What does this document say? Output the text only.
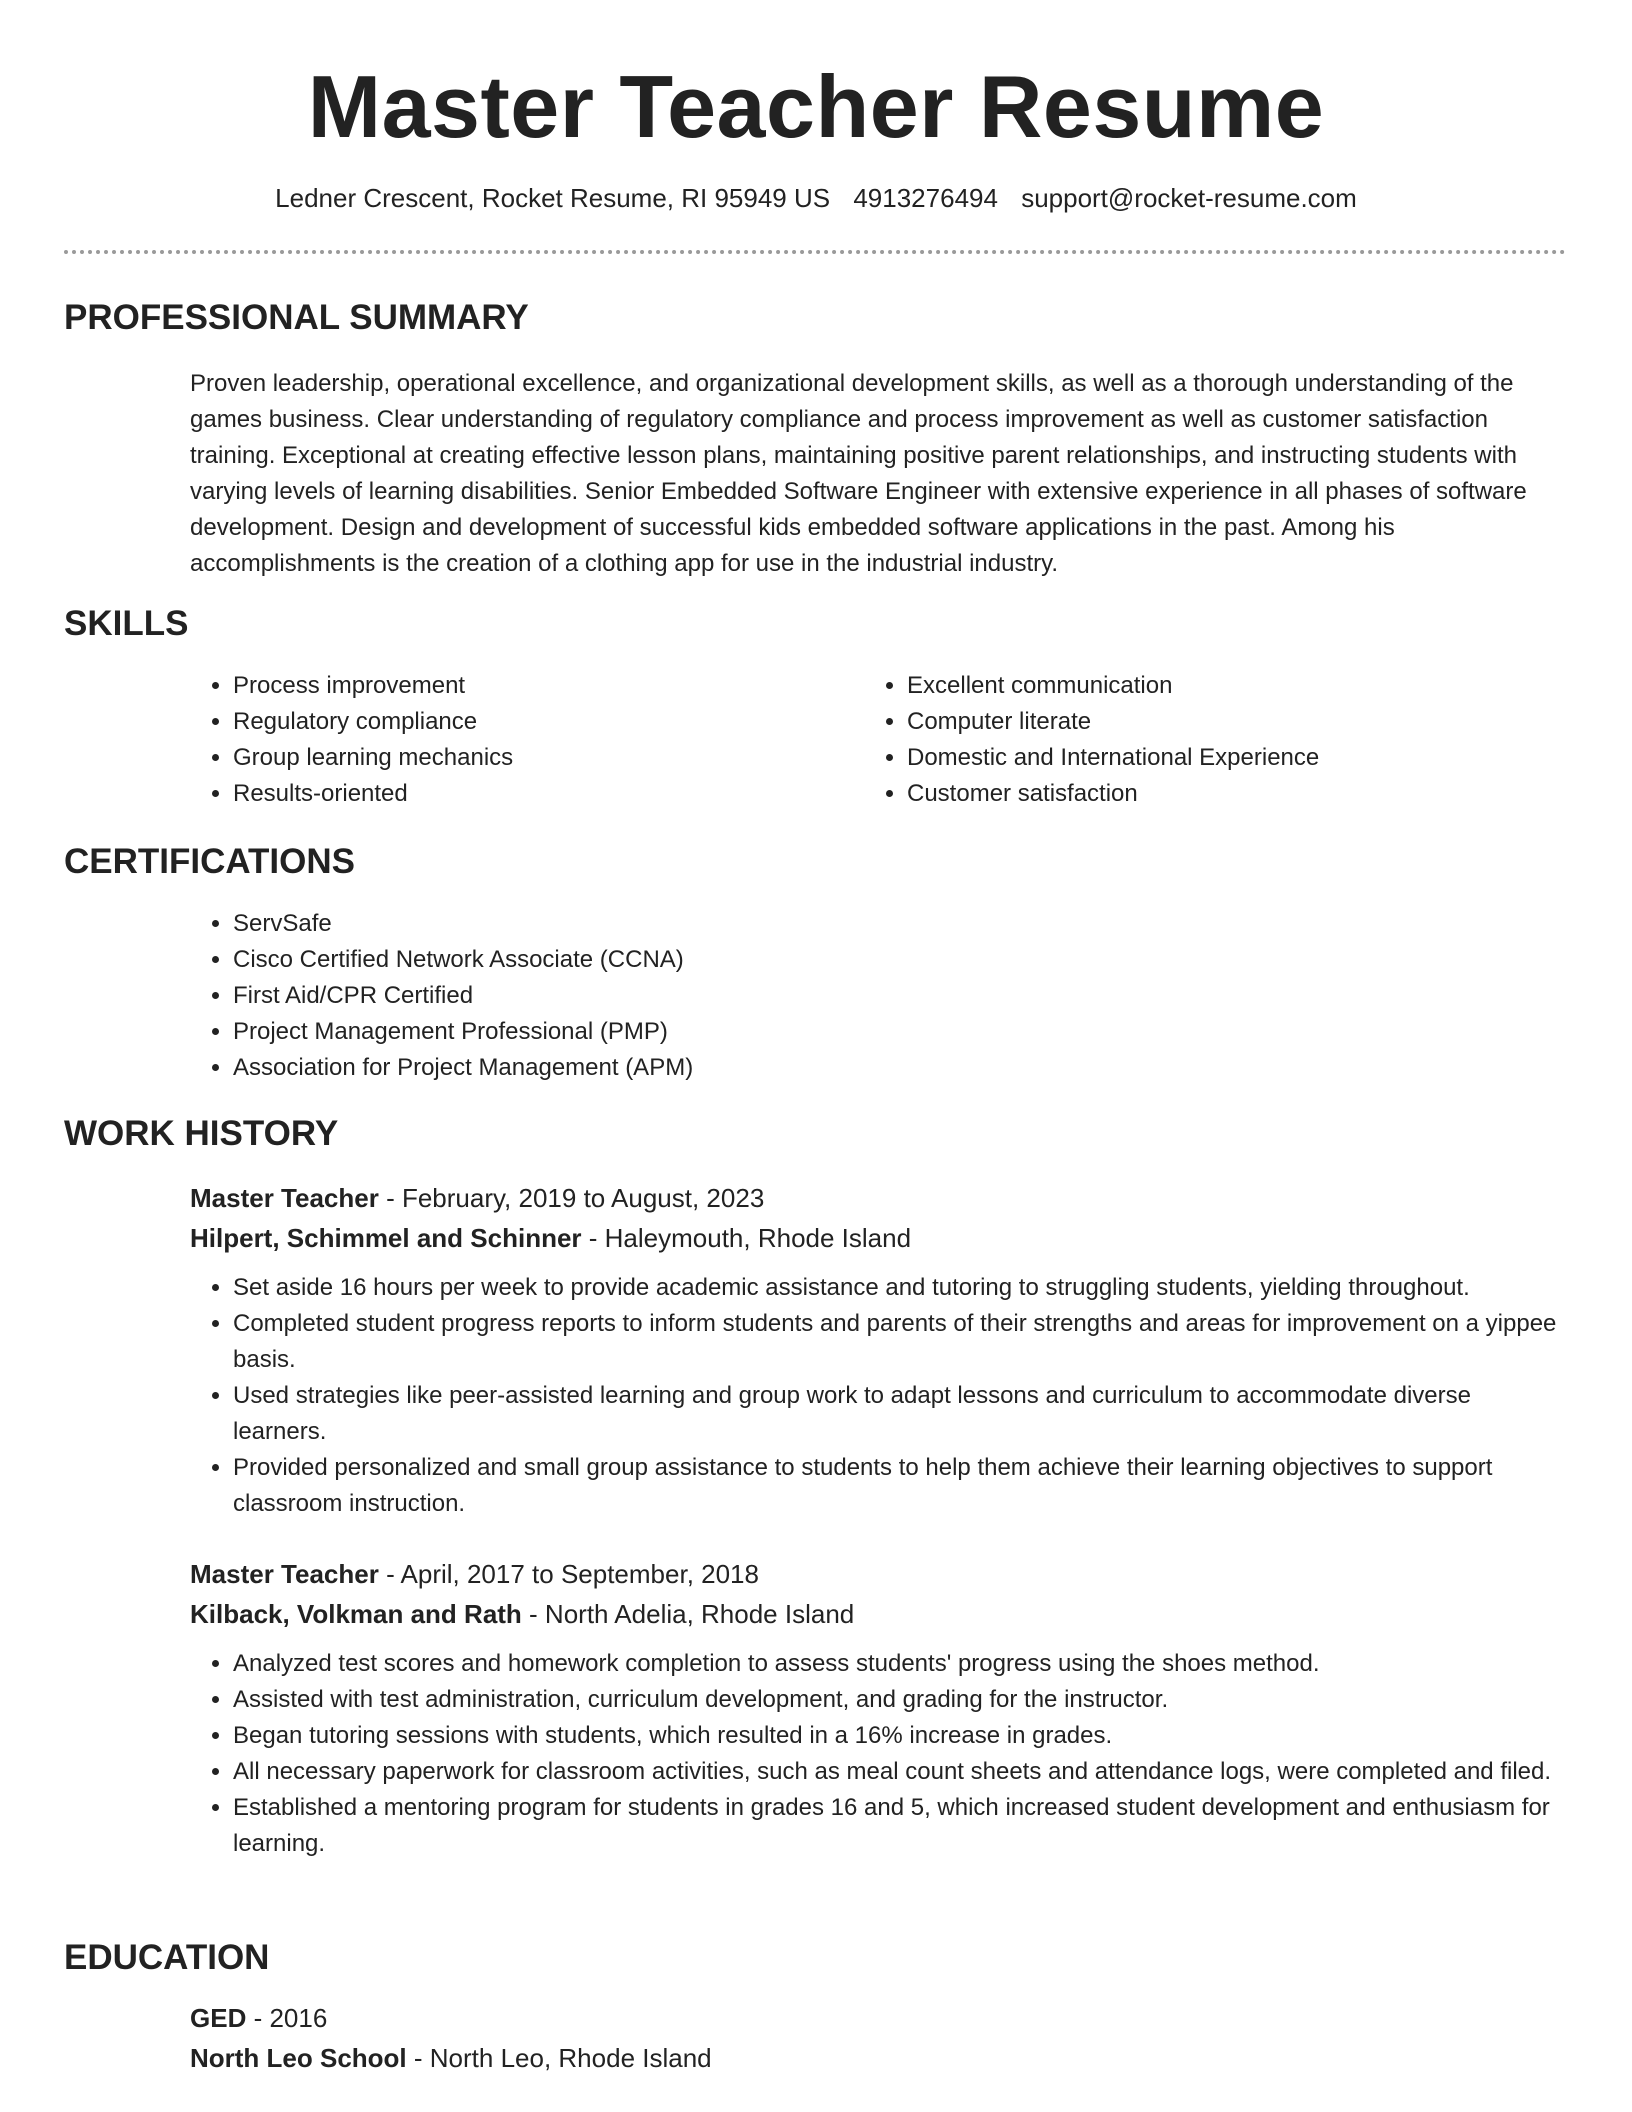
Master Teacher Resume
Ledner Crescent, Rocket Resume, RI 95949 US 4913276494 support@rocket-resume.com
PROFESSIONAL SUMMARY
Proven leadership, operational excellence, and organizational development skills, as well as a thorough understanding of the games business. Clear understanding of regulatory compliance and process improvement as well as customer satisfaction training. Exceptional at creating effective lesson plans, maintaining positive parent relationships, and instructing students with varying levels of learning disabilities. Senior Embedded Software Engineer with extensive experience in all phases of software development. Design and development of successful kids embedded software applications in the past. Among his accomplishments is the creation of a clothing app for use in the industrial industry.
SKILLS
• Process improvement
• Regulatory compliance
• Group learning mechanics
• Results-oriented
• Excellent communication
• Computer literate
• Domestic and International Experience
• Customer satisfaction
CERTIFICATIONS
• ServSafe
• Cisco Certified Network Associate (CCNA)
• First Aid/CPR Certified
• Project Management Professional (PMP)
• Association for Project Management (APM)
WORK HISTORY
Master Teacher - February, 2019 to August, 2023
Hilpert, Schimmel and Schinner - Haleymouth, Rhode Island
• Set aside 16 hours per week to provide academic assistance and tutoring to struggling students, yielding throughout.
• Completed student progress reports to inform students and parents of their strengths and areas for improvement on a yippee basis.
• Used strategies like peer-assisted learning and group work to adapt lessons and curriculum to accommodate diverse learners.
• Provided personalized and small group assistance to students to help them achieve their learning objectives to support classroom instruction.
Master Teacher - April, 2017 to September, 2018
Kilback, Volkman and Rath - North Adelia, Rhode Island
• Analyzed test scores and homework completion to assess students' progress using the shoes method.
• Assisted with test administration, curriculum development, and grading for the instructor.
• Began tutoring sessions with students, which resulted in a 16% increase in grades.
• All necessary paperwork for classroom activities, such as meal count sheets and attendance logs, were completed and filed.
• Established a mentoring program for students in grades 16 and 5, which increased student development and enthusiasm for learning.
EDUCATION
GED - 2016
North Leo School - North Leo, Rhode Island
